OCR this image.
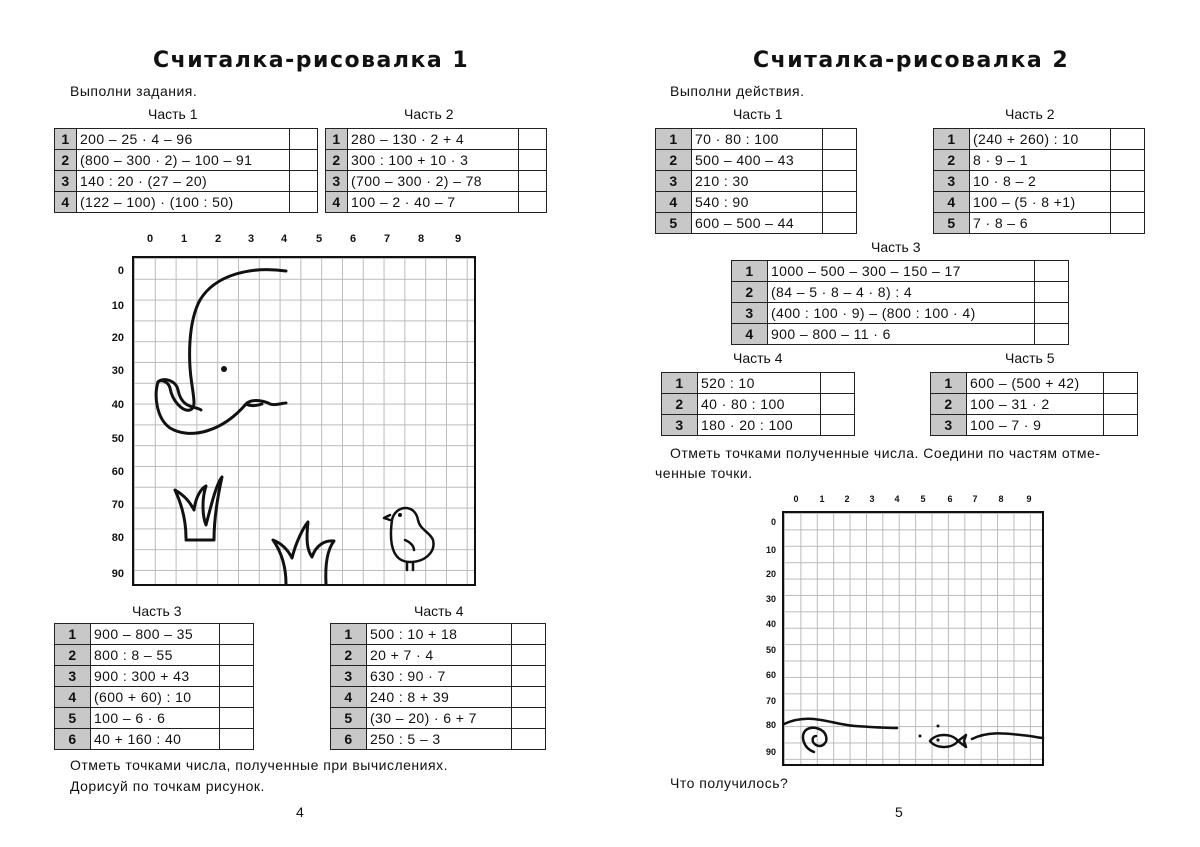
Считалка-рисовалка 1
Выполни задания.
Часть 1
1	200 – 25 · 4 – 96	
2	(800 – 300 · 2) – 100 – 91	
3	140 : 20 · (27 – 20)	
4	(122 – 100) · (100 : 50)	
Часть 2
1	280 – 130 · 2 + 4	
2	300 : 100 + 10 · 3	
3	(700 – 300 · 2) – 78	
4	100 – 2 · 40 – 7	
0	1	2	3	4	5	6	7	8	9
0
10
20
30
40
50
60
70
80
90
Часть 3
1	900 – 800 – 35	
2	800 : 8 – 55	
3	900 : 300 + 43	
4	(600 + 60) : 10	
5	100 – 6 · 6	
6	40 + 160 : 40	
Часть 4
1	500 : 10 + 18	
2	20 + 7 · 4	
3	630 : 90 · 7	
4	240 : 8 + 39	
5	(30 – 20) · 6 + 7	
6	250 : 5 – 3	
Отметь точками числа, полученные при вычислениях.
Дорисуй по точкам рисунок.
4
Считалка-рисовалка 2
Выполни действия.
Часть 1
1	70 · 80 : 100	
2	500 – 400 – 43	
3	210 : 30	
4	540 : 90	
5	600 – 500 – 44	
Часть 2
1	(240 + 260) : 10	
2	8 · 9 – 1	
3	10 · 8 – 2	
4	100 – (5 · 8 +1)	
5	7 · 8 – 6	
Часть 3
1	1000 – 500 – 300 – 150 – 17	
2	(84 – 5 · 8 – 4 · 8) : 4	
3	(400 : 100 · 9) – (800 : 100 · 4)	
4	900 – 800 – 11 · 6	
Часть 4
1	520 : 10	
2	40 · 80 : 100	
3	180 · 20 : 100	
Часть 5
1	600 – (500 + 42)	
2	100 – 31 · 2	
3	100 – 7 · 9	
Отметь точками полученные числа. Соедини по частям отме-
ченные точки.
0	1	2	3	4	5	6	7	8	9
0
10
20
30
40
50
60
70
80
90
Что получилось?
5
